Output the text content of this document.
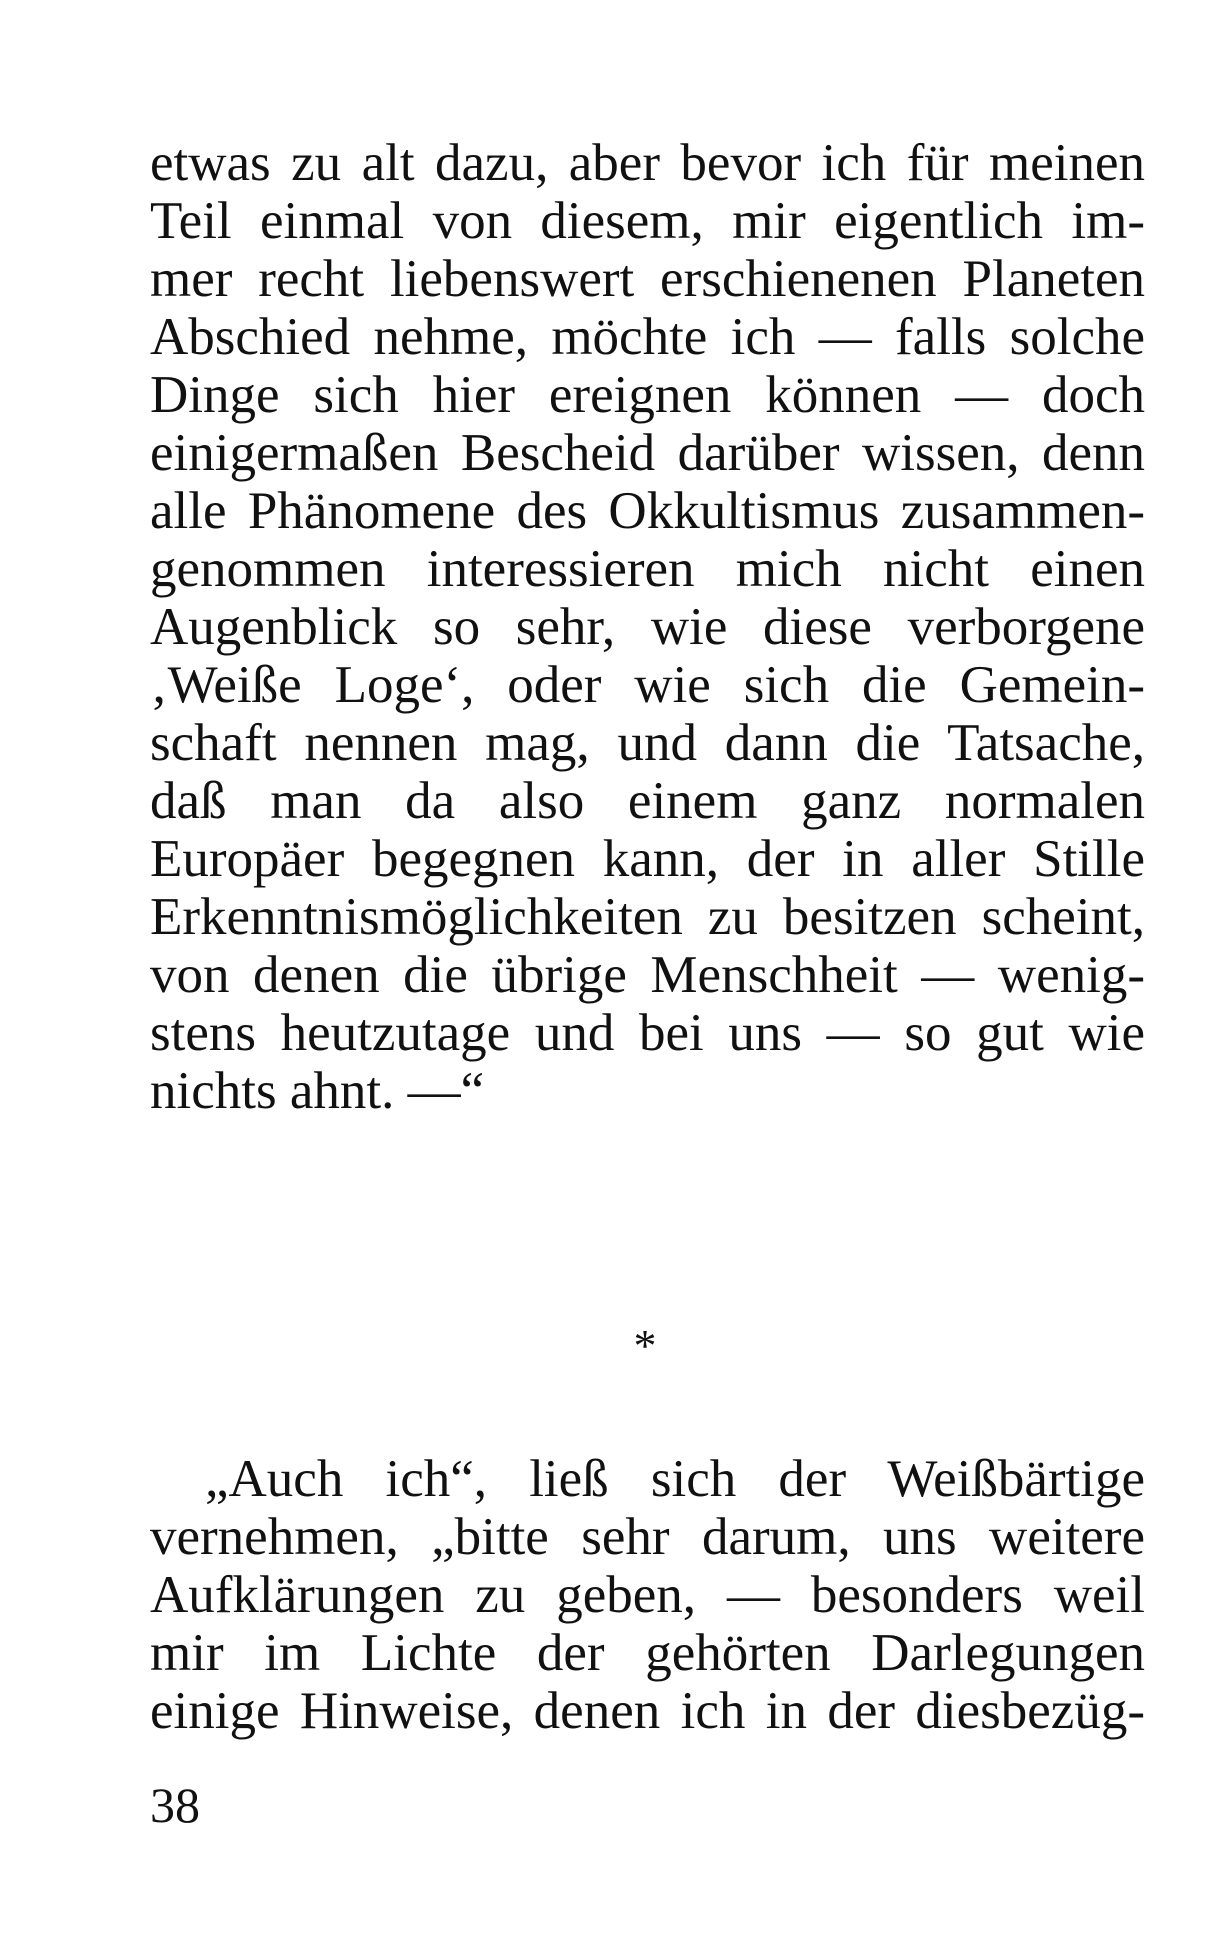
etwas zu alt dazu, aber bevor ich für meinen
Teil einmal von diesem, mir eigentlich im-
mer recht liebenswert erschienenen Planeten
Abschied nehme, möchte ich — falls solche
Dinge sich hier ereignen können — doch
einigermaßen Bescheid darüber wissen, denn
alle Phänomene des Okkultismus zusammen-
genommen interessieren mich nicht einen
Augenblick so sehr, wie diese verborgene
‚Weiße Loge‘, oder wie sich die Gemein-
schaft nennen mag, und dann die Tatsache,
daß man da also einem ganz normalen
Europäer begegnen kann, der in aller Stille
Erkenntnismöglichkeiten zu besitzen scheint,
von denen die übrige Menschheit — wenig-
stens heutzutage und bei uns — so gut wie
nichts ahnt. —“
*
„Auch ich“, ließ sich der Weißbärtige
vernehmen, „bitte sehr darum, uns weitere
Aufklärungen zu geben, — besonders weil
mir im Lichte der gehörten Darlegungen
einige Hinweise, denen ich in der diesbezüg-
38
